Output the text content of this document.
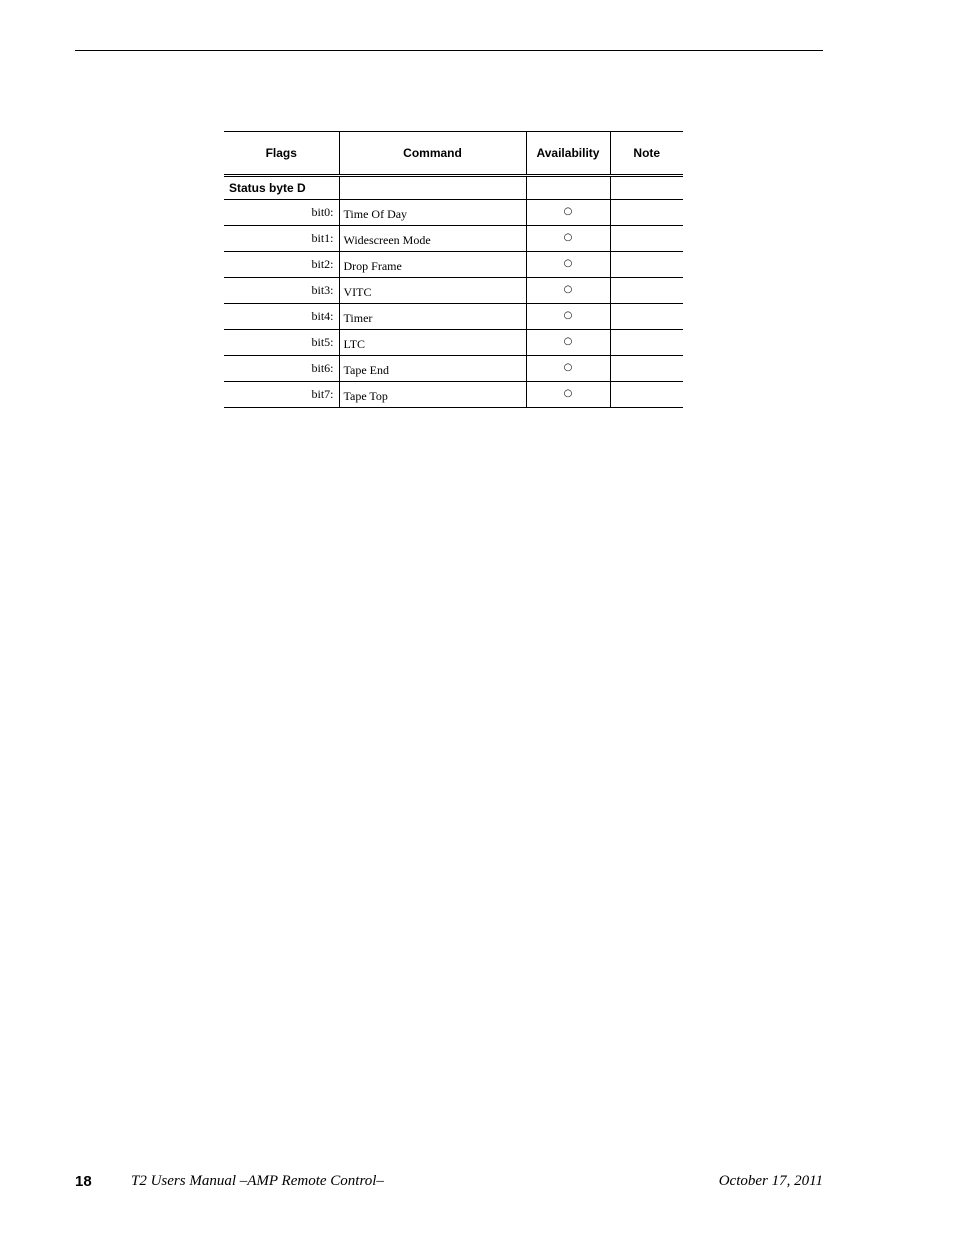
Flags	Command	Availability	Note
Status byte D			
bit0:	Time Of Day	○	
bit1:	Widescreen Mode	○	
bit2:	Drop Frame	○	
bit3:	VITC	○	
bit4:	Timer	○	
bit5:	LTC	○	
bit6:	Tape End	○	
bit7:	Tape Top	○	
18	T2 Users Manual –AMP Remote Control–	October 17, 2011
